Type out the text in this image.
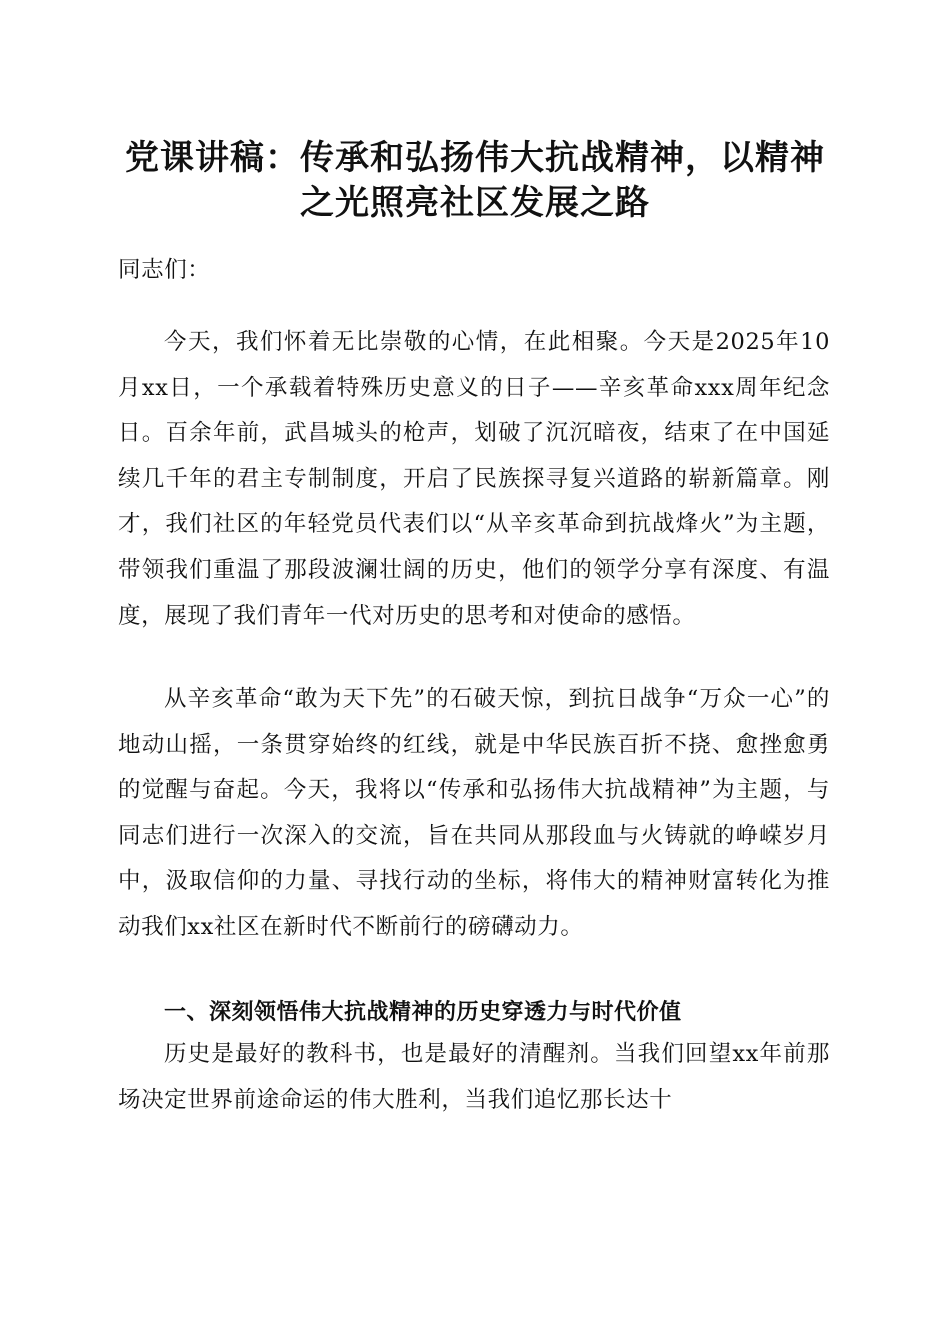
党课讲稿：传承和弘扬伟大抗战精神，以精神
之光照亮社区发展之路

同志们：

今天，我们怀着无比崇敬的心情，在此相聚。今天是2025年10月xx日，一个承载着特殊历史意义的日子——辛亥革命xxx周年纪念日。百余年前，武昌城头的枪声，划破了沉沉暗夜，结束了在中国延续几千年的君主专制制度，开启了民族探寻复兴道路的崭新篇章。刚才，我们社区的年轻党员代表们以“从辛亥革命到抗战烽火”为主题，带领我们重温了那段波澜壮阔的历史，他们的领学分享有深度、有温度，展现了我们青年一代对历史的思考和对使命的感悟。

从辛亥革命“敢为天下先”的石破天惊，到抗日战争“万众一心”的地动山摇，一条贯穿始终的红线，就是中华民族百折不挠、愈挫愈勇的觉醒与奋起。今天，我将以“传承和弘扬伟大抗战精神”为主题，与同志们进行一次深入的交流，旨在共同从那段血与火铸就的峥嵘岁月中，汲取信仰的力量、寻找行动的坐标，将伟大的精神财富转化为推动我们xx社区在新时代不断前行的磅礴动力。

一、深刻领悟伟大抗战精神的历史穿透力与时代价值

历史是最好的教科书，也是最好的清醒剂。当我们回望xx年前那场决定世界前途命运的伟大胜利，当我们追忆那长达十
